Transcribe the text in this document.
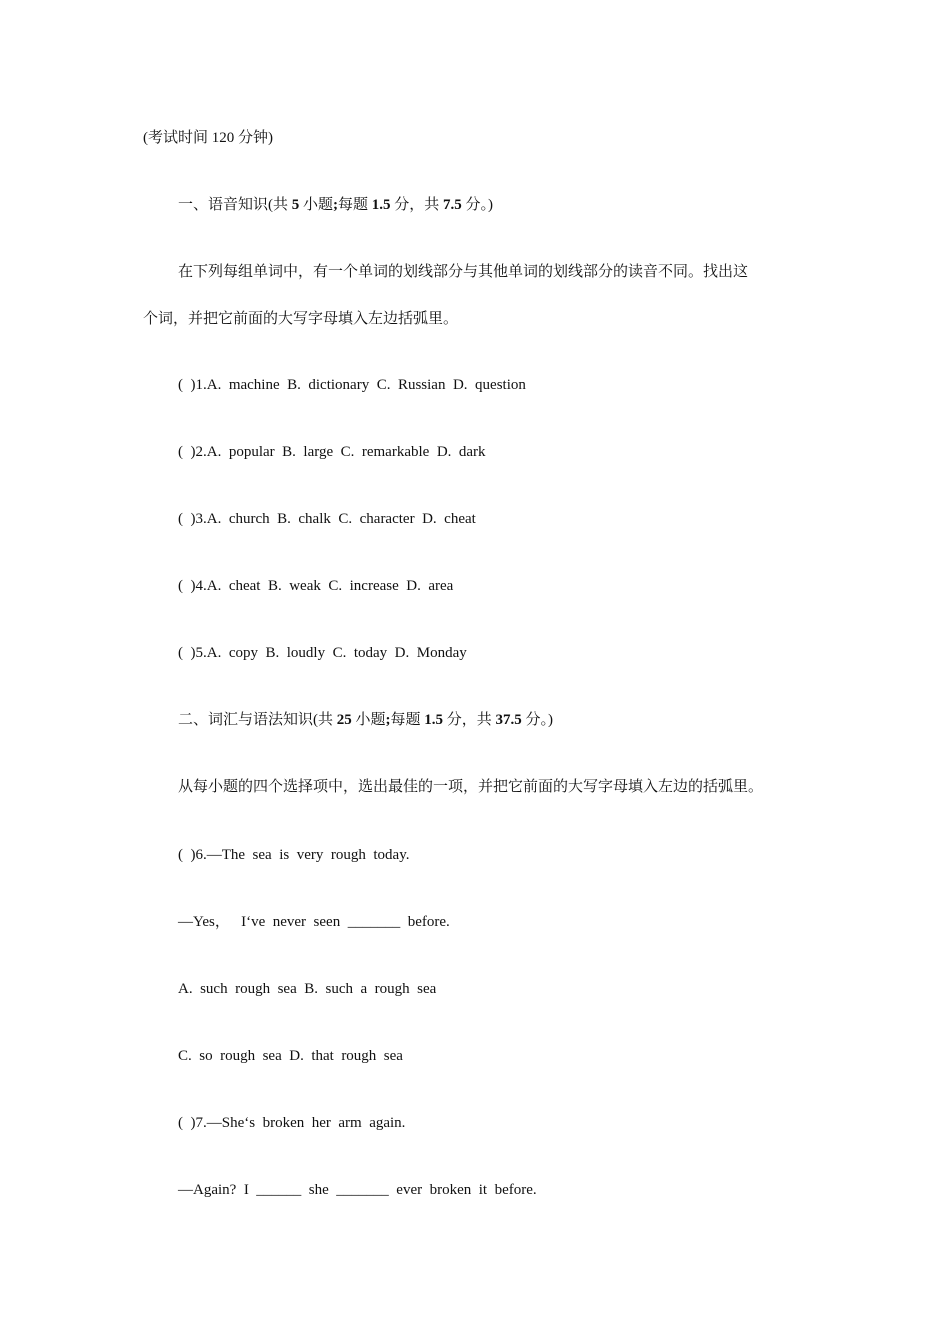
(考试时间 120 分钟)
一、语音知识(共 5 小题;每题 1.5 分，共 7.5 分。)
在下列每组单词中，有一个单词的划线部分与其他单词的划线部分的读音不同。找出这
个词，并把它前面的大写字母填入左边括弧里。
(  )1.A.  machine  B.  dictionary  C.  Russian  D.  question
(  )2.A.  popular  B.  large  C.  remarkable  D.  dark
(  )3.A.  church  B.  chalk  C.  character  D.  cheat
(  )4.A.  cheat  B.  weak  C.  increase  D.  area
(  )5.A.  copy  B.  loudly  C.  today  D.  Monday
二、词汇与语法知识(共 25 小题;每题 1.5 分，共 37.5 分。)
从每小题的四个选择项中，选出最佳的一项，并把它前面的大写字母填入左边的括弧里。
(  )6.—The  sea  is  very  rough  today.
—Yes，   I‘ve  never  seen  _______  before.
A.  such  rough  sea  B.  such  a  rough  sea
C.  so  rough  sea  D.  that  rough  sea
(  )7.—She‘s  broken  her  arm  again.
—Again?  I  ______  she  _______  ever  broken  it  before.
